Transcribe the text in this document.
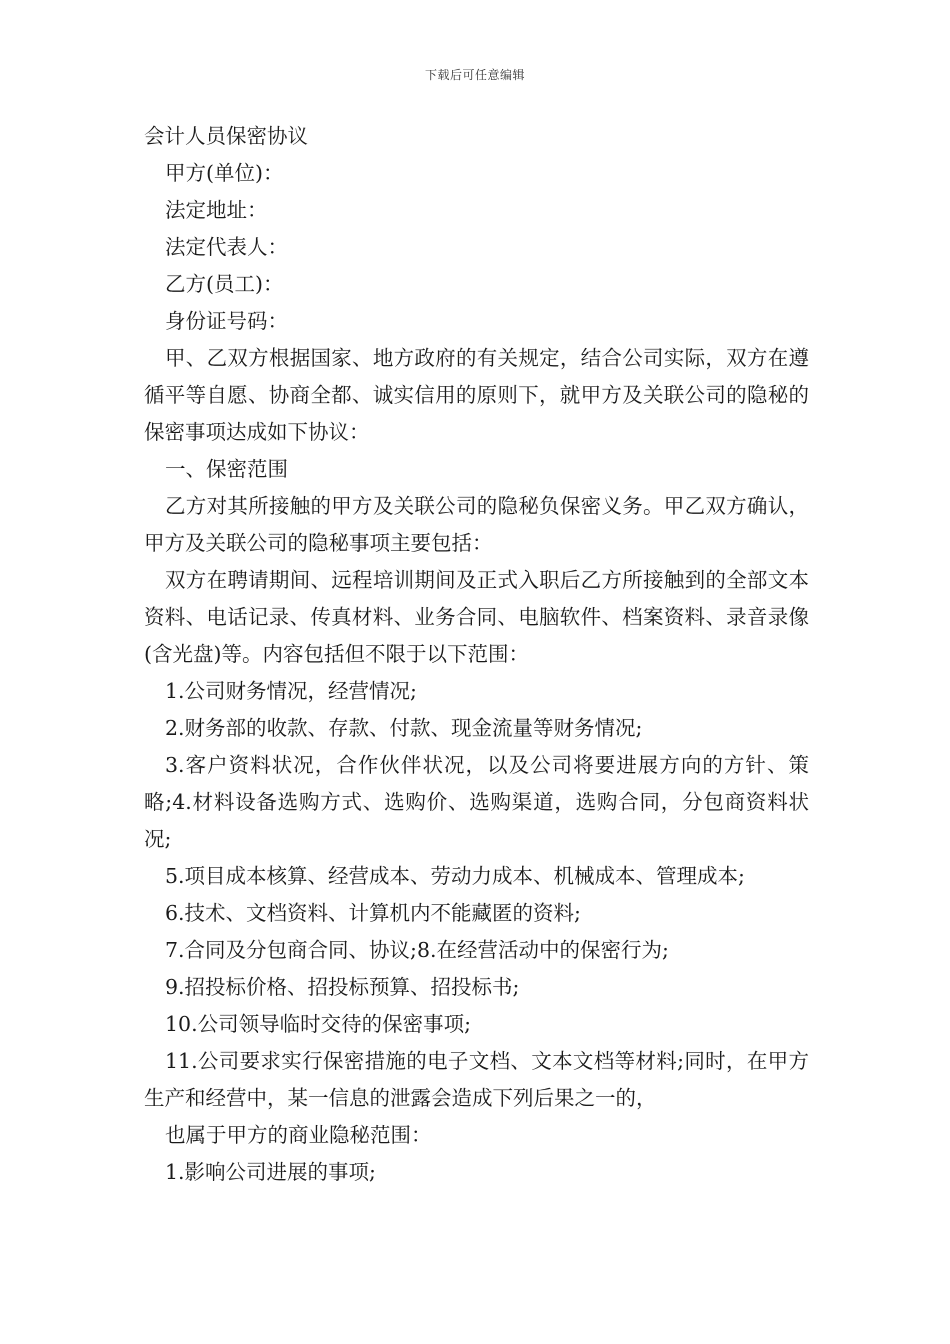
下载后可任意编辑

会计人员保密协议

甲方(单位)：

法定地址：

法定代表人：

乙方(员工)：

身份证号码：

甲、乙双方根据国家、地方政府的有关规定，结合公司实际，双方在遵循平等自愿、协商全都、诚实信用的原则下，就甲方及关联公司的隐秘的保密事项达成如下协议：

一、保密范围

乙方对其所接触的甲方及关联公司的隐秘负保密义务。甲乙双方确认，甲方及关联公司的隐秘事项主要包括：

双方在聘请期间、远程培训期间及正式入职后乙方所接触到的全部文本资料、电话记录、传真材料、业务合同、电脑软件、档案资料、录音录像(含光盘)等。内容包括但不限于以下范围：

1.公司财务情况，经营情况;

2.财务部的收款、存款、付款、现金流量等财务情况;

3.客户资料状况，合作伙伴状况，以及公司将要进展方向的方针、策略;4.材料设备选购方式、选购价、选购渠道，选购合同，分包商资料状况;

5.项目成本核算、经营成本、劳动力成本、机械成本、管理成本;

6.技术、文档资料、计算机内不能藏匿的资料;

7.合同及分包商合同、协议;8.在经营活动中的保密行为;

9.招投标价格、招投标预算、招投标书;

10.公司领导临时交待的保密事项;

11.公司要求实行保密措施的电子文档、文本文档等材料;同时，在甲方生产和经营中，某一信息的泄露会造成下列后果之一的，

也属于甲方的商业隐秘范围：

1.影响公司进展的事项;
